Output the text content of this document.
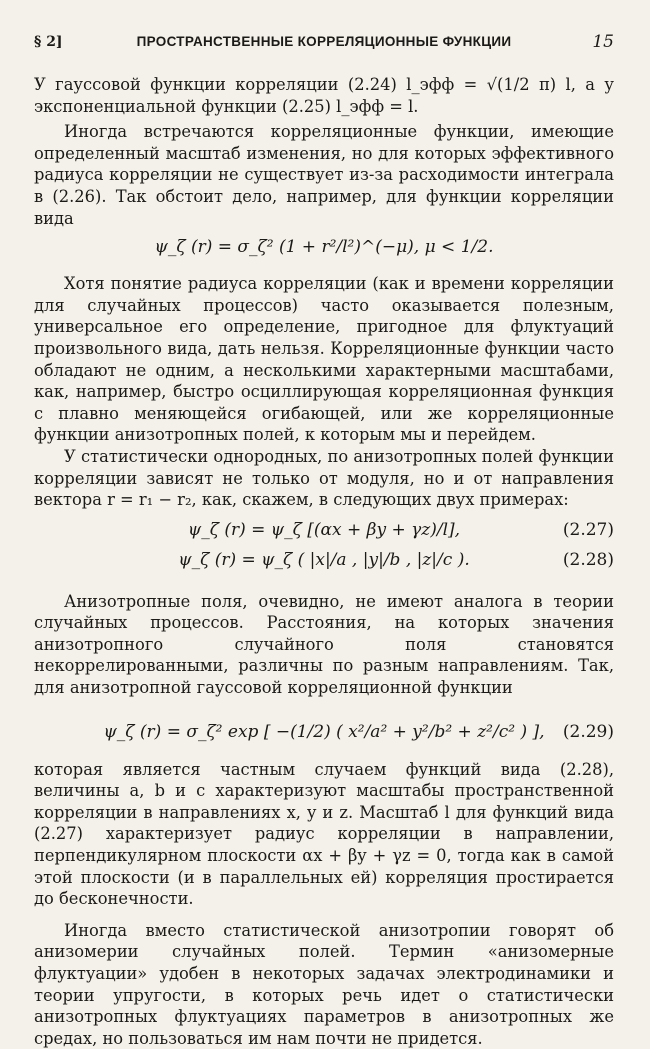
§ 2]	ПРОСТРАНСТВЕННЫЕ КОРРЕЛЯЦИОННЫЕ ФУНКЦИИ	15

У гауссовой функции корреляции (2.24) l_эфф = √(1/2 π) l, а у экспоненциальной функции (2.25) l_эфф = l.

Иногда встречаются корреляционные функции, имеющие определенный масштаб изменения, но для которых эффективного радиуса корреляции не существует из-за расходимости интеграла в (2.26). Так обстоит дело, например, для функции корреляции вида

ψ_ζ (r) = σ_ζ² (1 + r²/l²)^(−μ), μ < 1/2.

Хотя понятие радиуса корреляции (как и времени корреляции для случайных процессов) часто оказывается полезным, универсальное его определение, пригодное для флуктуаций произвольного вида, дать нельзя. Корреляционные функции часто обладают не одним, а несколькими характерными масштабами, как, например, быстро осциллирующая корреляционная функция с плавно меняющейся огибающей, или же корреляционные функции анизотропных полей, к которым мы и перейдем.

У статистически однородных, по анизотропных полей функции корреляции зависят не только от модуля, но и от направления вектора r = r₁ − r₂, как, скажем, в следующих двух примерах:

ψ_ζ (r) = ψ_ζ [(αx + βy + γz)/l],	(2.27)
ψ_ζ (r) = ψ_ζ ( |x|/a , |y|/b , |z|/c ).	(2.28)

Анизотропные поля, очевидно, не имеют аналога в теории случайных процессов. Расстояния, на которых значения анизотропного случайного поля становятся некоррелированными, различны по разным направлениям. Так, для анизотропной гауссовой корреляционной функции

ψ_ζ (r) = σ_ζ² exp [ −(1/2) ( x²/a² + y²/b² + z²/c² ) ], (2.29)

которая является частным случаем функций вида (2.28), величины a, b и c характеризуют масштабы пространственной корреляции в направлениях x, y и z. Масштаб l для функций вида (2.27) характеризует радиус корреляции в направлении, перпендикулярном плоскости αx + βy + γz = 0, тогда как в самой этой плоскости (и в параллельных ей) корреляция простирается до бесконечности.

Иногда вместо статистической анизотропии говорят об анизомерии случайных полей. Термин «анизомерные флуктуации» удобен в некоторых задачах электродинамики и теории упругости, в которых речь идет о статистически анизотропных флуктуациях параметров в анизотропных же средах, но пользоваться им нам почти не придется.
